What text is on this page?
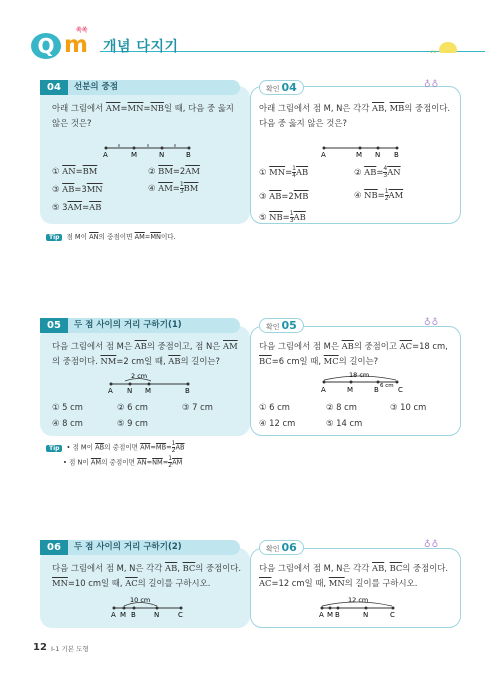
Q
쏙쏙
m 개념 다지기	ᵥᵥ
04	선분의 중점
아래 그림에서 $\overline{AM}=\overline{MN}=\overline{NB}$일 때, 다음 중 옳지 않은 것은?
A	M	N	B
① $\overline{AN}=\overline{BM}$	② $\overline{BM}=2\overline{AM}$
③ $\overline{AB}=3\overline{MN}$	④ $\overline{AM}= \frac{1}{3} \overline{BM}$
⑤ $3\overline{AM}=\overline{AB}$
Tip 점 M이 $\overline{AN}$의 중점이면 $\overline{AM}=\overline{MN}$이다.
확인 04	♁♁
아래 그림에서 점 M, N은 각각 $\overline{AB}$, $\overline{MB}$의 중점이다. 다음 중 옳지 않은 것은?
A	M N B
① $\overline{MN}= \frac{1}{4} \overline{AB}$	② $\overline{AB}= \frac{4}{3} \overline{AN}$
③ $\overline{AB}=2\overline{MB}$	④ $\overline{NB}= \frac{1}{2} \overline{AM}$
⑤ $\overline{NB}= \frac{1}{3} \overline{AB}$
05	두 점 사이의 거리 구하기(1)
다음 그림에서 점 M은 $\overline{AB}$의 중점이고, 점 N은 $\overline{AM}$의 중점이다. $\overline{NM}=2$ cm일 때, $\overline{AB}$의 길이는?
2 cm
A N M	B
① 5 cm	② 6 cm	③ 7 cm
④ 8 cm	⑤ 9 cm
Tip • 점 M이 $\overline{AB}$의 중점이면 $\overline{AM}=\overline{MB}= \frac{1}{2} \overline{AB}$
• 점 N이 $\overline{AM}$의 중점이면 $\overline{AN}=\overline{NM}= \frac{1}{2} \overline{AM}$
확인 05	♁♁
다음 그림에서 점 M은 $\overline{AB}$의 중점이고 $\overline{AC}=18$ cm, $\overline{BC}=6$ cm일 때, $\overline{MC}$의 길이는?
18 cm
6 cm
A	M	B	C
① 6 cm	② 8 cm	③ 10 cm
④ 12 cm	⑤ 14 cm
06	두 점 사이의 거리 구하기(2)
다음 그림에서 점 M, N은 각각 $\overline{AB}$, $\overline{BC}$의 중점이다. $\overline{MN}=10$ cm일 때, $\overline{AC}$의 길이를 구하시오.
10 cm
A M B	N	C
확인 06	♁♁
다음 그림에서 점 M, N은 각각 $\overline{AB}$, $\overline{BC}$의 중점이다. $\overline{AC}=12$ cm일 때, $\overline{MN}$의 길이를 구하시오.
12 cm
A M B	N	C
12 Ⅰ-1 기본 도형
